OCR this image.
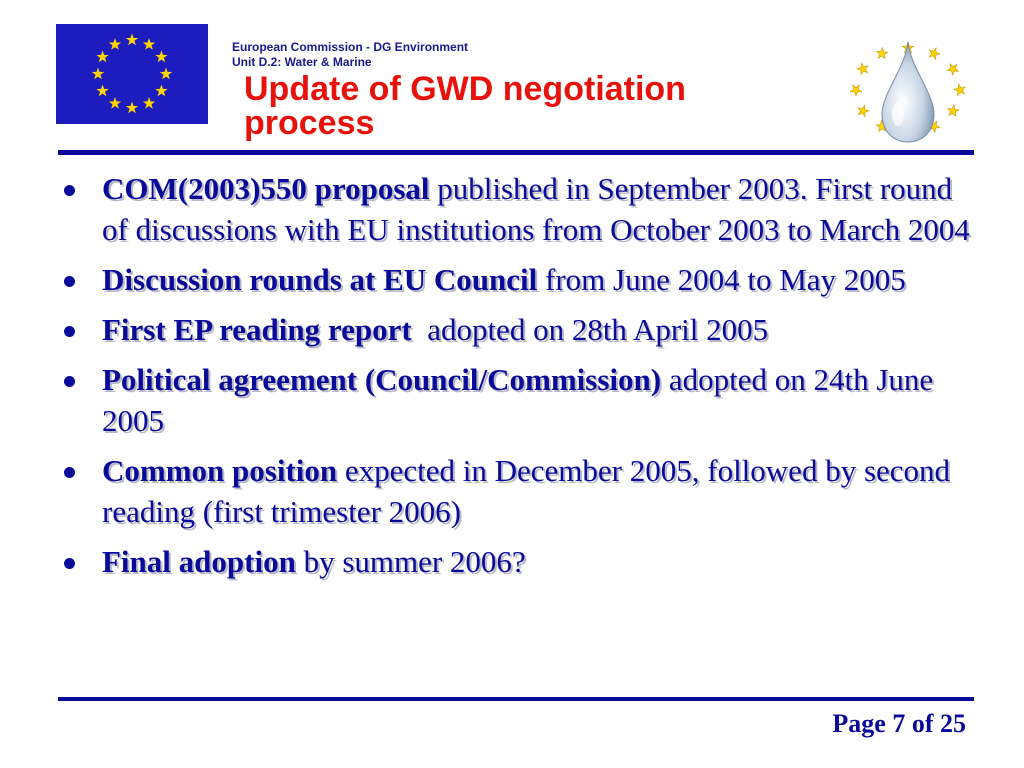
European Commission - DG Environment
Unit D.2: Water & Marine
Update of GWD negotiation
process
COM(2003)550 proposal published in September 2003. First round of discussions with EU institutions from October 2003 to March 2004
Discussion rounds at EU Council from June 2004 to May 2005
First EP reading report  adopted on 28th April 2005
Political agreement (Council/Commission) adopted on 24th June 2005
Common position expected in December 2005, followed by second reading (first trimester 2006)
Final adoption by summer 2006?
Page 7 of 25
